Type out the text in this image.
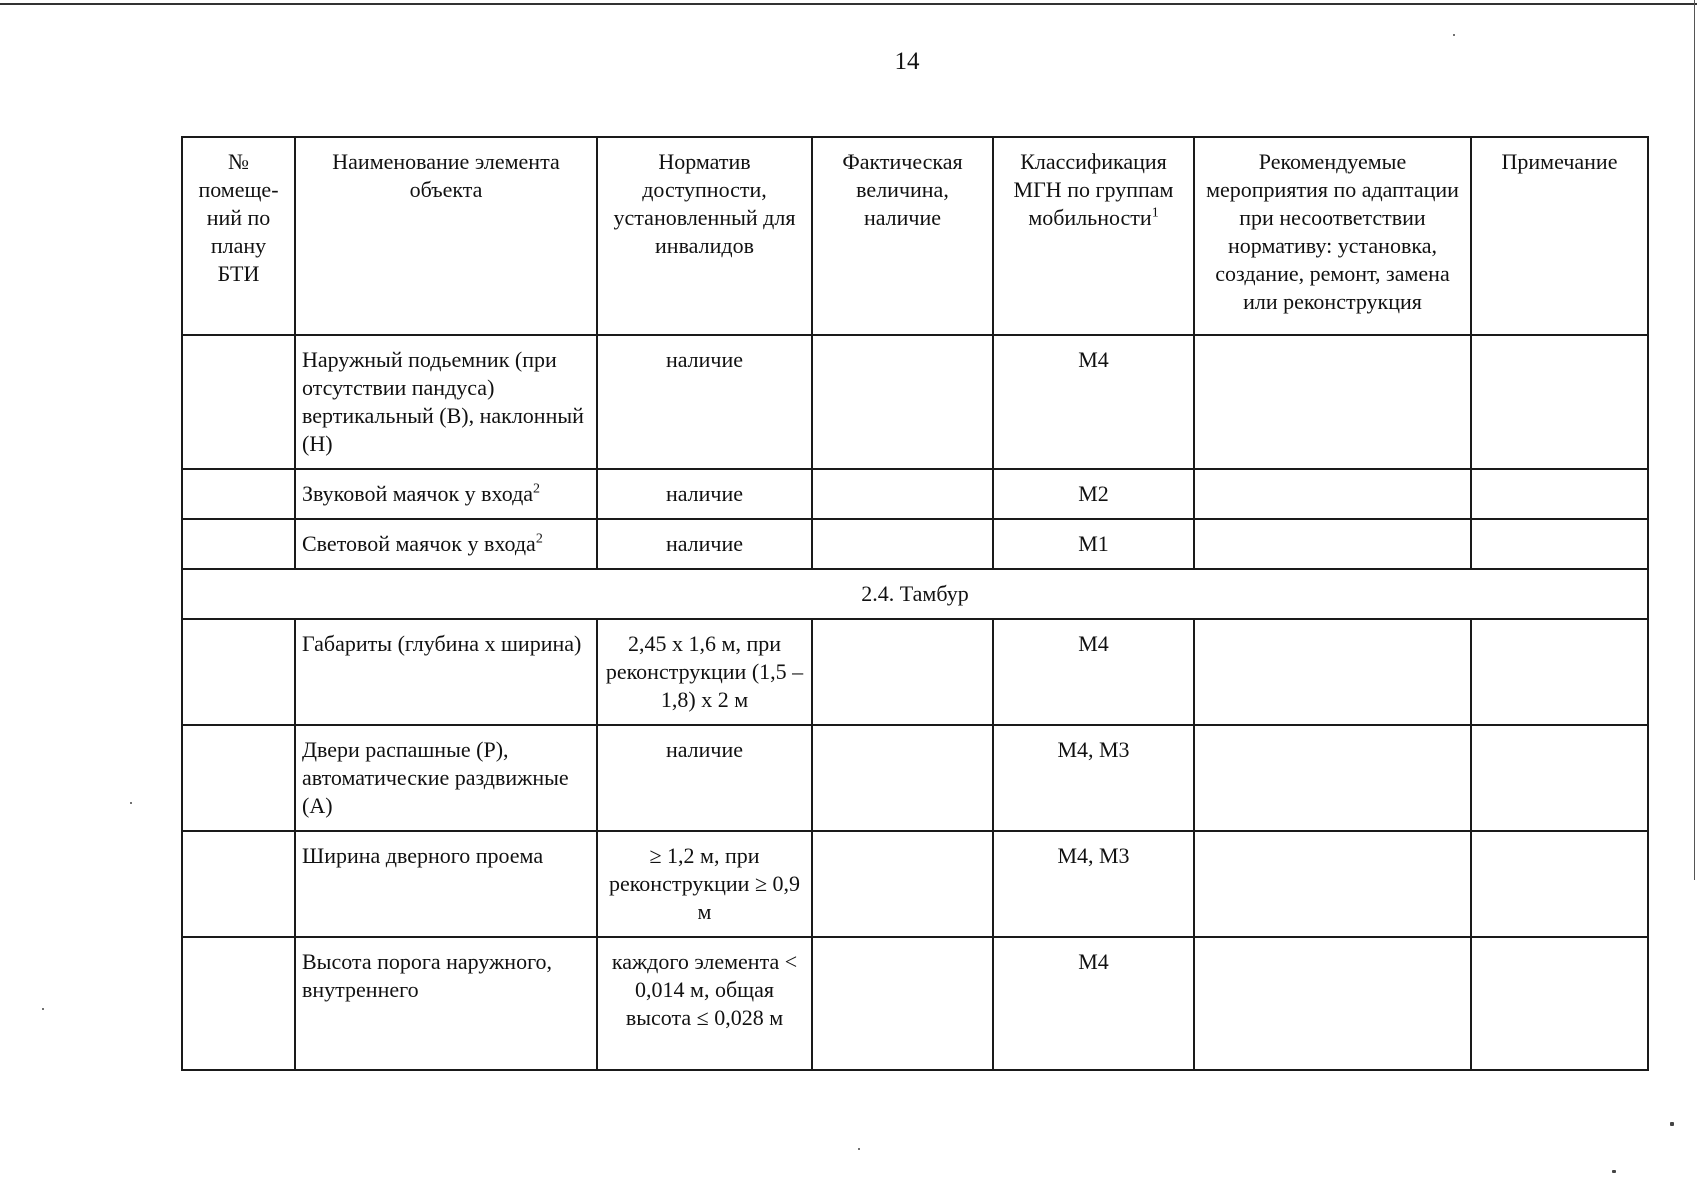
14
№ помеще-ний по плану БТИ	Наименование элемента объекта	Норматив доступности, установленный для инвалидов	Фактическая величина, наличие	Классификация МГН по группам мобильности$^1$	Рекомендуемые мероприятия по адаптации при несоответствии нормативу: установка, создание, ремонт, замена или реконструкция	Примечание
	Наружный подьемник (при отсутствии пандуса) вертикальный (В), наклонный (Н)	наличие		М4		
	Звуковой маячок у входа$^2$	наличие		М2		
	Световой маячок у входа$^2$	наличие		М1		
2.4. Тамбур						
	Габариты (глубина х ширина)	2,45 х 1,6 м, при реконструкции (1,5 – 1,8) х 2 м		М4		
	Двери распашные (Р), автоматические раздвижные (А)	наличие		М4, М3		
	Ширина дверного проема	≥ 1,2 м, при реконструкции ≥ 0,9 м		М4, М3		
	Высота порога наружного, внутреннего	каждого элемента < 0,014 м, общая высота ≤ 0,028 м		М4		
